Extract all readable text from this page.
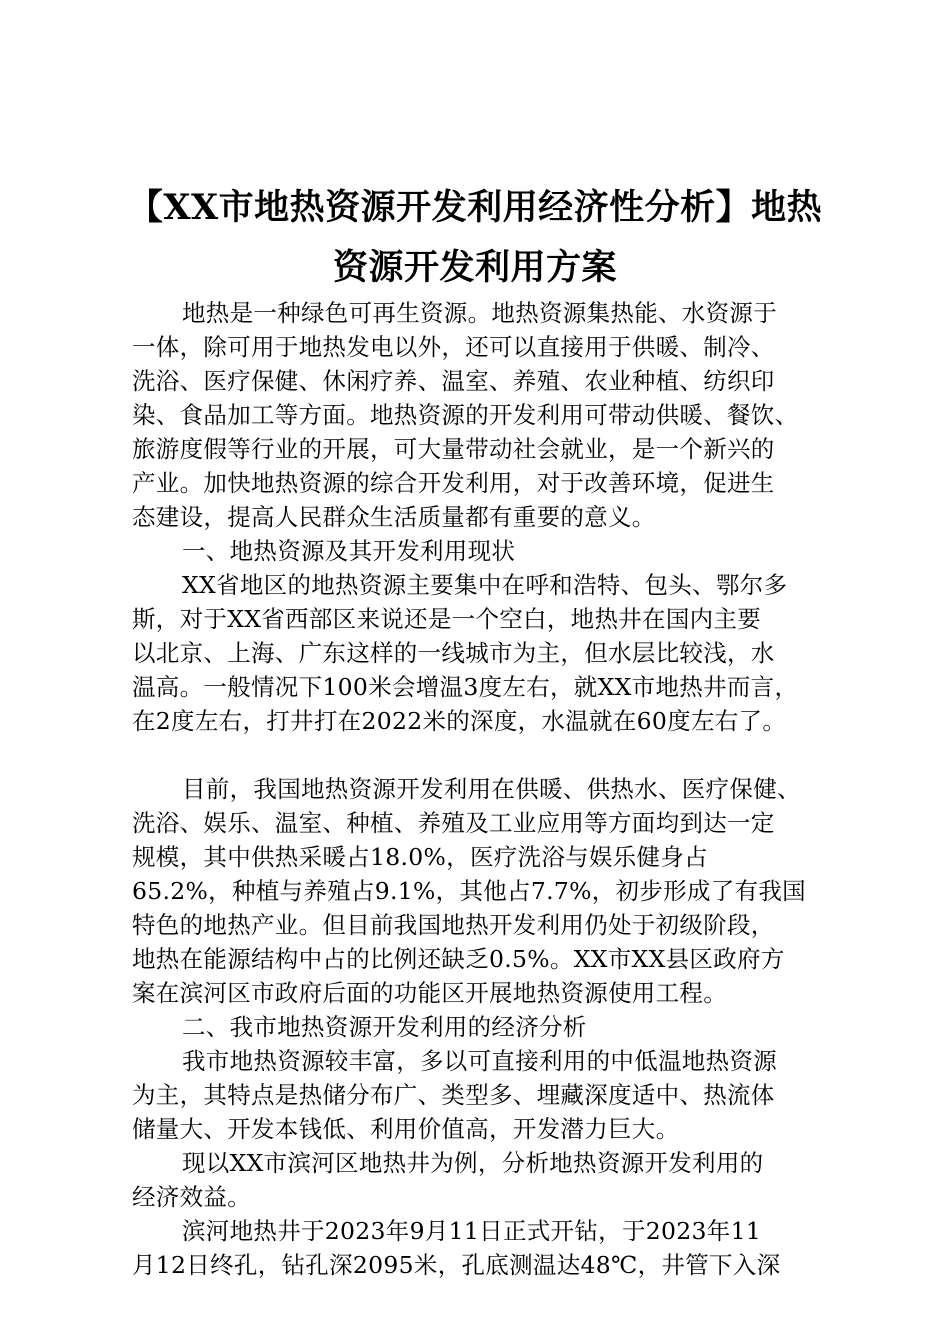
【XX市地热资源开发利用经济性分析】地热
资源开发利用方案
地热是一种绿色可再生资源。地热资源集热能、水资源于
一体，除可用于地热发电以外，还可以直接用于供暖、制冷、
洗浴、医疗保健、休闲疗养、温室、养殖、农业种植、纺织印
染、食品加工等方面。地热资源的开发利用可带动供暖、餐饮、
旅游度假等行业的开展，可大量带动社会就业，是一个新兴的
产业。加快地热资源的综合开发利用，对于改善环境，促进生
态建设，提高人民群众生活质量都有重要的意义。
一、地热资源及其开发利用现状
XX省地区的地热资源主要集中在呼和浩特、包头、鄂尔多
斯，对于XX省西部区来说还是一个空白，地热井在国内主要
以北京、上海、广东这样的一线城市为主，但水层比较浅，水
温高。一般情况下100米会增温3度左右，就XX市地热井而言，
在2度左右，打井打在2022米的深度，水温就在60度左右了。
目前，我国地热资源开发利用在供暖、供热水、医疗保健、
洗浴、娱乐、温室、种植、养殖及工业应用等方面均到达一定
规模，其中供热采暖占18.0%，医疗洗浴与娱乐健身占
65.2%，种植与养殖占9.1%，其他占7.7%，初步形成了有我国
特色的地热产业。但目前我国地热开发利用仍处于初级阶段，
地热在能源结构中占的比例还缺乏0.5%。XX市XX县区政府方
案在滨河区市政府后面的功能区开展地热资源使用工程。
二、我市地热资源开发利用的经济分析
我市地热资源较丰富，多以可直接利用的中低温地热资源
为主，其特点是热储分布广、类型多、埋藏深度适中、热流体
储量大、开发本钱低、利用价值高，开发潜力巨大。
现以XX市滨河区地热井为例，分析地热资源开发利用的
经济效益。
滨河地热井于2023年9月11日正式开钻，于2023年11
月12日终孔，钻孔深2095米，孔底测温达48℃，井管下入深
